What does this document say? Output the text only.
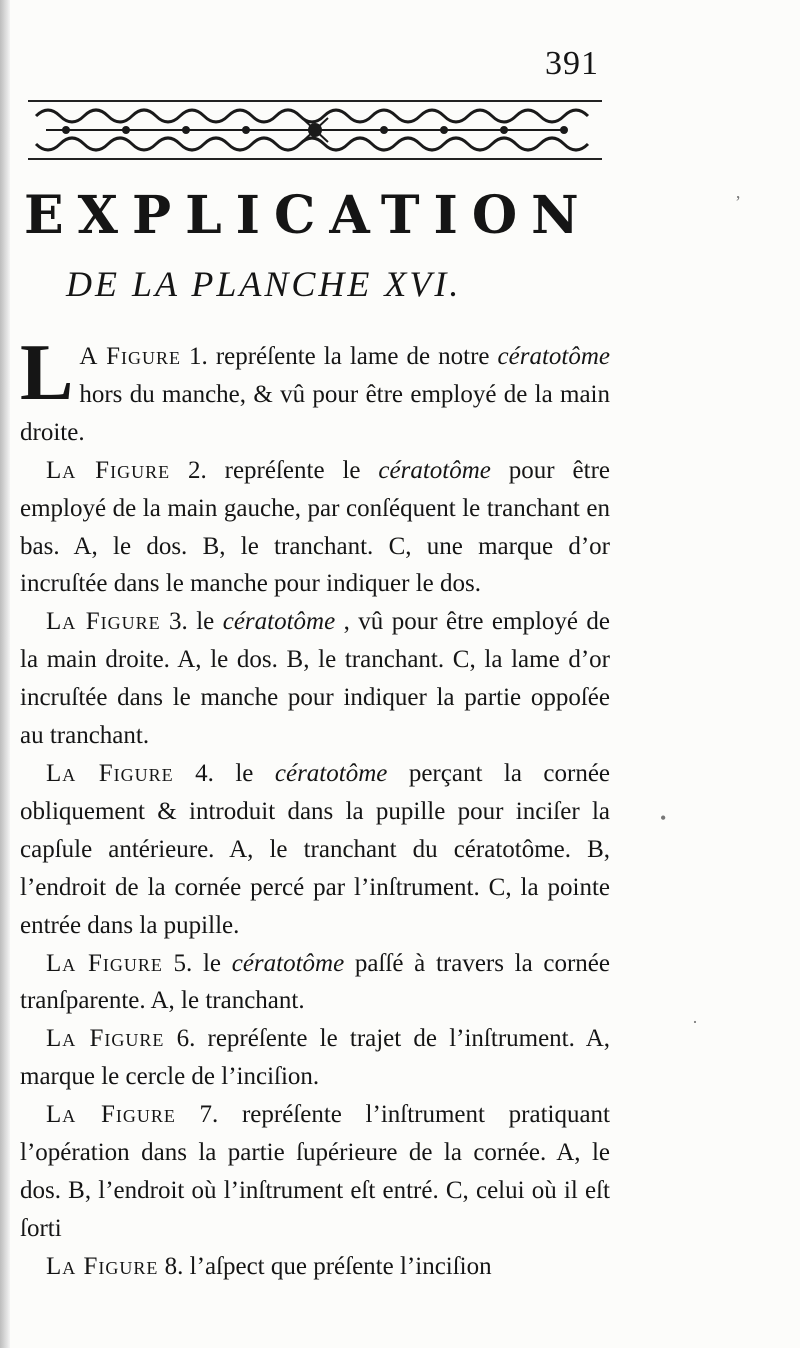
391
EXPLICATION
DE LA PLANCHE XVI.

L A Figure 1. repréſente la lame de notre cératotôme hors du manche, & vû pour être employé de la main droite.

La Figure 2. repréſente le cératotôme pour être employé de la main gauche, par conſéquent le tranchant en bas. A, le dos. B, le tranchant. C, une marque d’or incruſtée dans le manche pour indiquer le dos.

La Figure 3. le cératotôme , vû pour être employé de la main droite. A, le dos. B, le tranchant. C, la lame d’or incruſtée dans le manche pour indiquer la partie oppoſée au tranchant.

La Figure 4. le cératotôme perçant la cornée obliquement & introduit dans la pupille pour inciſer la capſule antérieure. A, le tranchant du cératotôme. B, l’endroit de la cornée percé par l’inſtrument. C, la pointe entrée dans la pupille.

La Figure 5. le cératotôme paſſé à travers la cornée tranſparente. A, le tranchant.

La Figure 6. repréſente le trajet de l’inſtrument. A, marque le cercle de l’inciſion.

La Figure 7. repréſente l’inſtrument pratiquant l’opération dans la partie ſupérieure de la cornée. A, le dos. B, l’endroit où l’inſtrument eſt entré. C, celui où il eſt ſorti

La Figure 8. l’aſpect que préſente l’inciſion

ʼ
•
·
